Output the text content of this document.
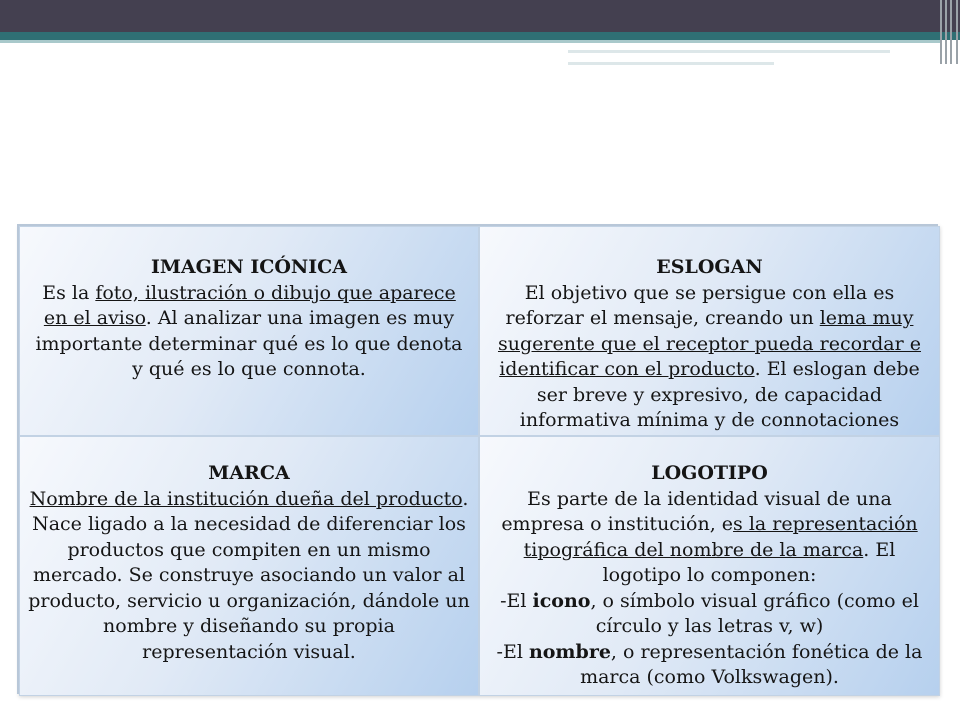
IMAGEN ICÓNICA
Es la foto, ilustración o dibujo que aparece en el aviso. Al analizar una imagen es muy importante determinar qué es lo que denota y qué es lo que connota.
ESLOGAN
El objetivo que se persigue con ella es reforzar el mensaje, creando un lema muy sugerente que el receptor pueda recordar e identificar con el producto. El eslogan debe ser breve y expresivo, de capacidad informativa mínima y de connotaciones
MARCA
Nombre de la institución dueña del producto. Nace ligado a la necesidad de diferenciar los productos que compiten en un mismo mercado. Se construye asociando un valor al producto, servicio u organización, dándole un nombre y diseñando su propia representación visual.
LOGOTIPO
Es parte de la identidad visual de una empresa o institución, es la representación tipográfica del nombre de la marca. El logotipo lo componen:
-El icono, o símbolo visual gráfico (como el círculo y las letras v, w)
-El nombre, o representación fonética de la marca (como Volkswagen).
